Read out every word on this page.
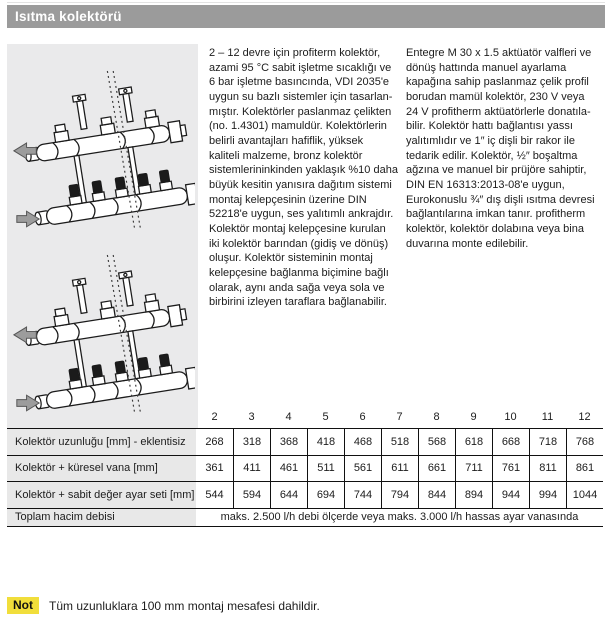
Isıtma kolektörü
2 – 12 devre için profiterm kolektör,
azami 95 °C sabit işletme sıcaklığı ve
6 bar işletme basıncında, VDI 2035'e
uygun su bazlı sistemler için tasarlan-
mıştır. Kolektörler paslanmaz çelikten
(no. 1.4301) mamuldür. Kolektörlerin
belirli avantajları hafiflik, yüksek
kaliteli malzeme, bronz kolektör
sistemlerininkinden yaklaşık %10 daha
büyük kesitin yanısıra dağıtım sistemi
montaj kelepçesinin üzerine DIN
52218'e uygun, ses yalıtımlı ankrajdır.
Kolektör montaj kelepçesine kurulan
iki kolektör barından (gidiş ve dönüş)
oluşur. Kolektör sisteminin montaj
kelepçesine bağlanma biçimine bağlı
olarak, aynı anda sağa veya sola ve
birbirini izleyen taraflara bağlanabilir.
Entegre M 30 x 1.5 aktüatör valfleri ve
dönüş hattında manuel ayarlama
kapağına sahip paslanmaz çelik profil
borudan mamül kolektör, 230 V veya
24 V profitherm aktüatörlerle donatıla-
bilir. Kolektör hattı bağlantısı yassı
yalıtımlıdır ve 1″ iç dişli bir rakor ile
tedarik edilir. Kolektör, ½″ boşaltma
ağzına ve manuel bir prüjöre sahiptir,
DIN EN 16313:2013-08'e uygun,
Eurokonuslu ¾″ dış dişli ısıtma devresi
bağlantılarına imkan tanır. profitherm
kolektör, kolektör dolabına veya bina
duvarına monte edilebilir.
2	3	4	5	6	7	8	9	10	11	12
Kolektör uzunluğu [mm] - eklentisiz	268	318	368	418	468	518	568	618	668	718	768
Kolektör + küresel vana [mm]	361	411	461	511	561	611	661	711	761	811	861
Kolektör + sabit değer ayar seti [mm] 544	594	644	694	744	794	844	894	944	994	1044
Toplam hacim debisi	maks. 2.500 l/h debi ölçerde veya maks. 3.000 l/h hassas ayar vanasında
Not	Tüm uzunluklara 100 mm montaj mesafesi dahildir.
